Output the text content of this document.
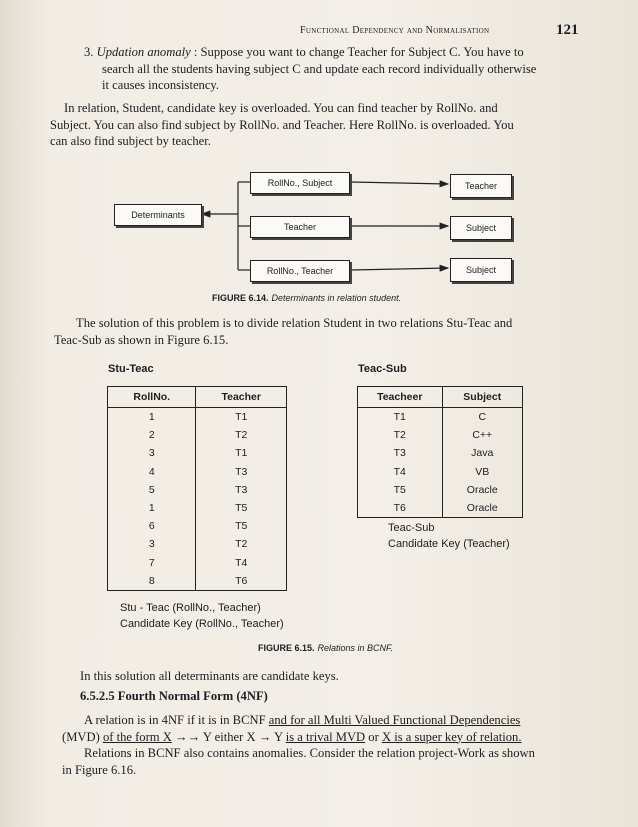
Functional Dependency and Normalisation	121

3. Updation anomaly : Suppose you want to change Teacher for Subject C. You have to

search all the students having subject C and update each record individually otherwise

it causes inconsistency.

In relation, Student, candidate key is overloaded. You can find teacher by RollNo. and

Subject. You can also find subject by RollNo. and Teacher. Here RollNo. is overloaded. You

can also find subject by teacher.

RollNo., Subject
Teacher
RollNo., Teacher
Determinants
Teacher
Subject
Subject
FIGURE 6.14. Determinants in relation student.

The solution of this problem is to divide relation Student in two relations Stu-Teac and

Teac-Sub as shown in Figure 6.15.

Stu-Teac
RollNo.	Teacher
1	T1
2	T2
3	T1
4	T3
5	T3
1	T5
6	T5
3	T2
7	T4
8	T6
Stu - Teac (RollNo., Teacher)
Candidate Key (RollNo., Teacher)
Teac-Sub
Teacheer	Subject
T1	C
T2	C++
T3	Java
T4	VB
T5	Oracle
T6	Oracle
Teac-Sub
Candidate Key (Teacher)
FIGURE 6.15. Relations in BCNF.

In this solution all determinants are candidate keys.

6.5.2.5 Fourth Normal Form (4NF)

A relation is in 4NF if it is in BCNF and for all Multi Valued Functional Dependencies

(MVD) of the form X →→ Y either X → Y is a trival MVD or X is a super key of relation.

Relations in BCNF also contains anomalies. Consider the relation project-Work as shown

in Figure 6.16.
